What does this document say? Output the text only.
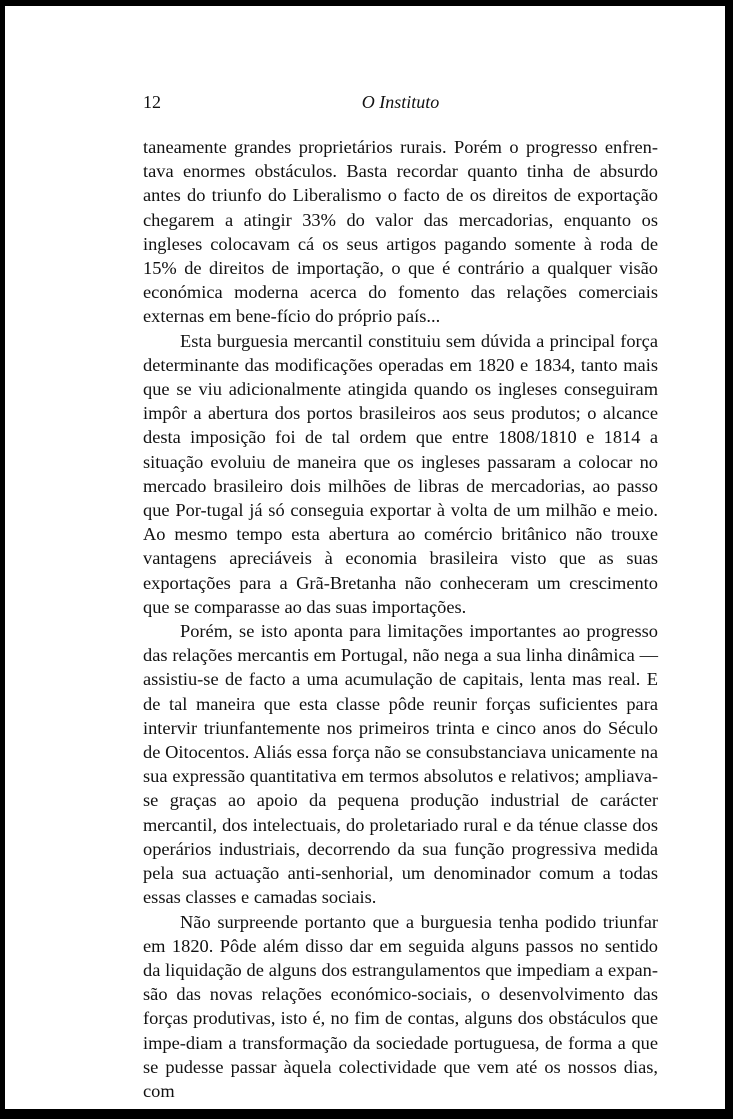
12	O Instituto

taneamente grandes proprietários rurais. Porém o progresso enfren-tava enormes obstáculos. Basta recordar quanto tinha de absurdo antes do triunfo do Liberalismo o facto de os direitos de exportação chegarem a atingir 33% do valor das mercadorias, enquanto os ingleses colocavam cá os seus artigos pagando somente à roda de 15% de direitos de importação, o que é contrário a qualquer visão económica moderna acerca do fomento das relações comerciais externas em bene-fício do próprio país...

Esta burguesia mercantil constituiu sem dúvida a principal força determinante das modificações operadas em 1820 e 1834, tanto mais que se viu adicionalmente atingida quando os ingleses conseguiram impôr a abertura dos portos brasileiros aos seus produtos; o alcance desta imposição foi de tal ordem que entre 1808/1810 e 1814 a situação evoluiu de maneira que os ingleses passaram a colocar no mercado brasileiro dois milhões de libras de mercadorias, ao passo que Por-tugal já só conseguia exportar à volta de um milhão e meio. Ao mesmo tempo esta abertura ao comércio britânico não trouxe vantagens apreciáveis à economia brasileira visto que as suas exportações para a Grã-Bretanha não conheceram um crescimento que se comparasse ao das suas importações.

Porém, se isto aponta para limitações importantes ao progresso das relações mercantis em Portugal, não nega a sua linha dinâmica — assistiu-se de facto a uma acumulação de capitais, lenta mas real. E de tal maneira que esta classe pôde reunir forças suficientes para intervir triunfantemente nos primeiros trinta e cinco anos do Século de Oitocentos. Aliás essa força não se consubstanciava unicamente na sua expressão quantitativa em termos absolutos e relativos; ampliava-se graças ao apoio da pequena produção industrial de carácter mercantil, dos intelectuais, do proletariado rural e da ténue classe dos operários industriais, decorrendo da sua função progressiva medida pela sua actuação anti-senhorial, um denominador comum a todas essas classes e camadas sociais.

Não surpreende portanto que a burguesia tenha podido triunfar em 1820. Pôde além disso dar em seguida alguns passos no sentido da liquidação de alguns dos estrangulamentos que impediam a expan-são das novas relações económico-sociais, o desenvolvimento das forças produtivas, isto é, no fim de contas, alguns dos obstáculos que impe-diam a transformação da sociedade portuguesa, de forma a que se pudesse passar àquela colectividade que vem até os nossos dias, com
